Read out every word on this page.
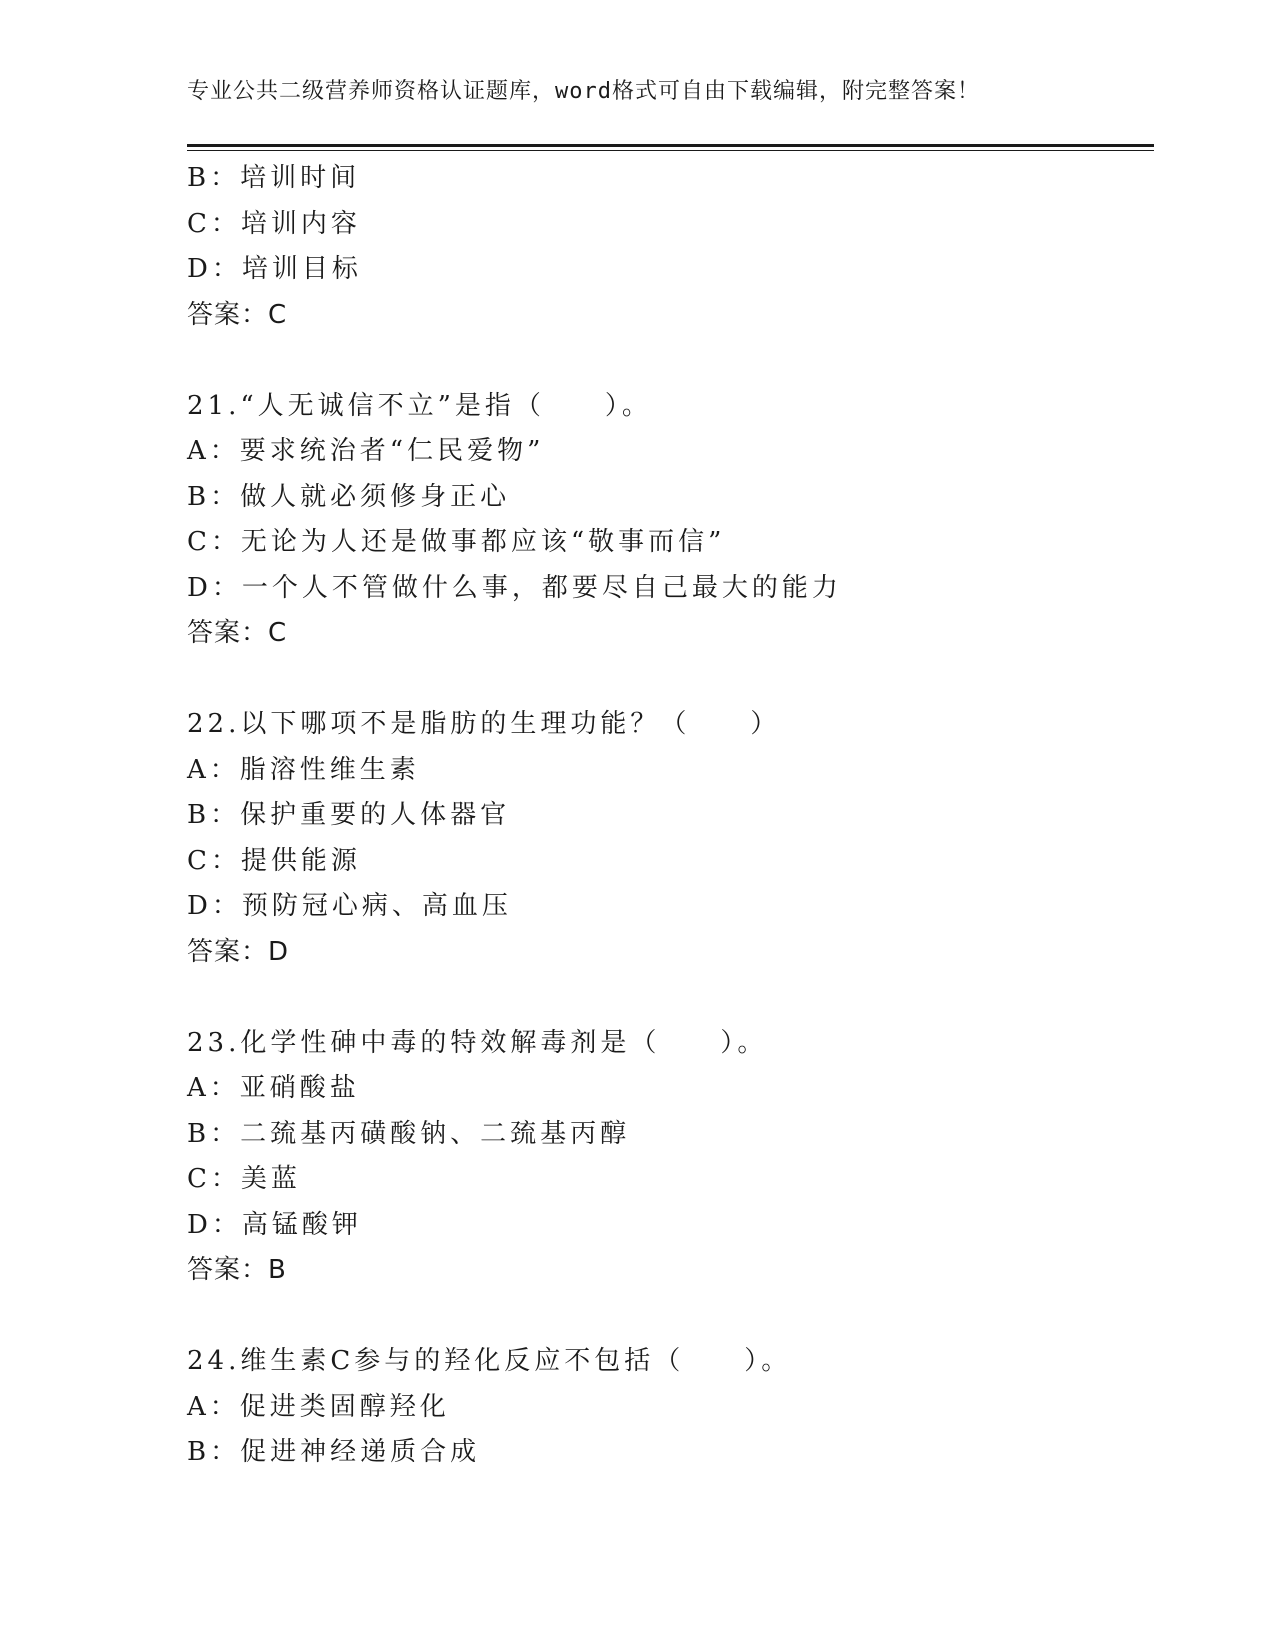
专业公共二级营养师资格认证题库，word格式可自由下载编辑，附完整答案！
B：培训时间
C：培训内容
D：培训目标
答案：C
21.“人无诚信不立”是指（　　）。
A：要求统治者“仁民爱物”
B：做人就必须修身正心
C：无论为人还是做事都应该“敬事而信”
D：一个人不管做什么事，都要尽自己最大的能力
答案：C
22.以下哪项不是脂肪的生理功能？（　　）
A：脂溶性维生素
B：保护重要的人体器官
C：提供能源
D：预防冠心病、高血压
答案：D
23.化学性砷中毒的特效解毒剂是（　　）。
A：亚硝酸盐
B：二巯基丙磺酸钠、二巯基丙醇
C：美蓝
D：高锰酸钾
答案：B
24.维生素C参与的羟化反应不包括（　　）。
A：促进类固醇羟化
B：促进神经递质合成
